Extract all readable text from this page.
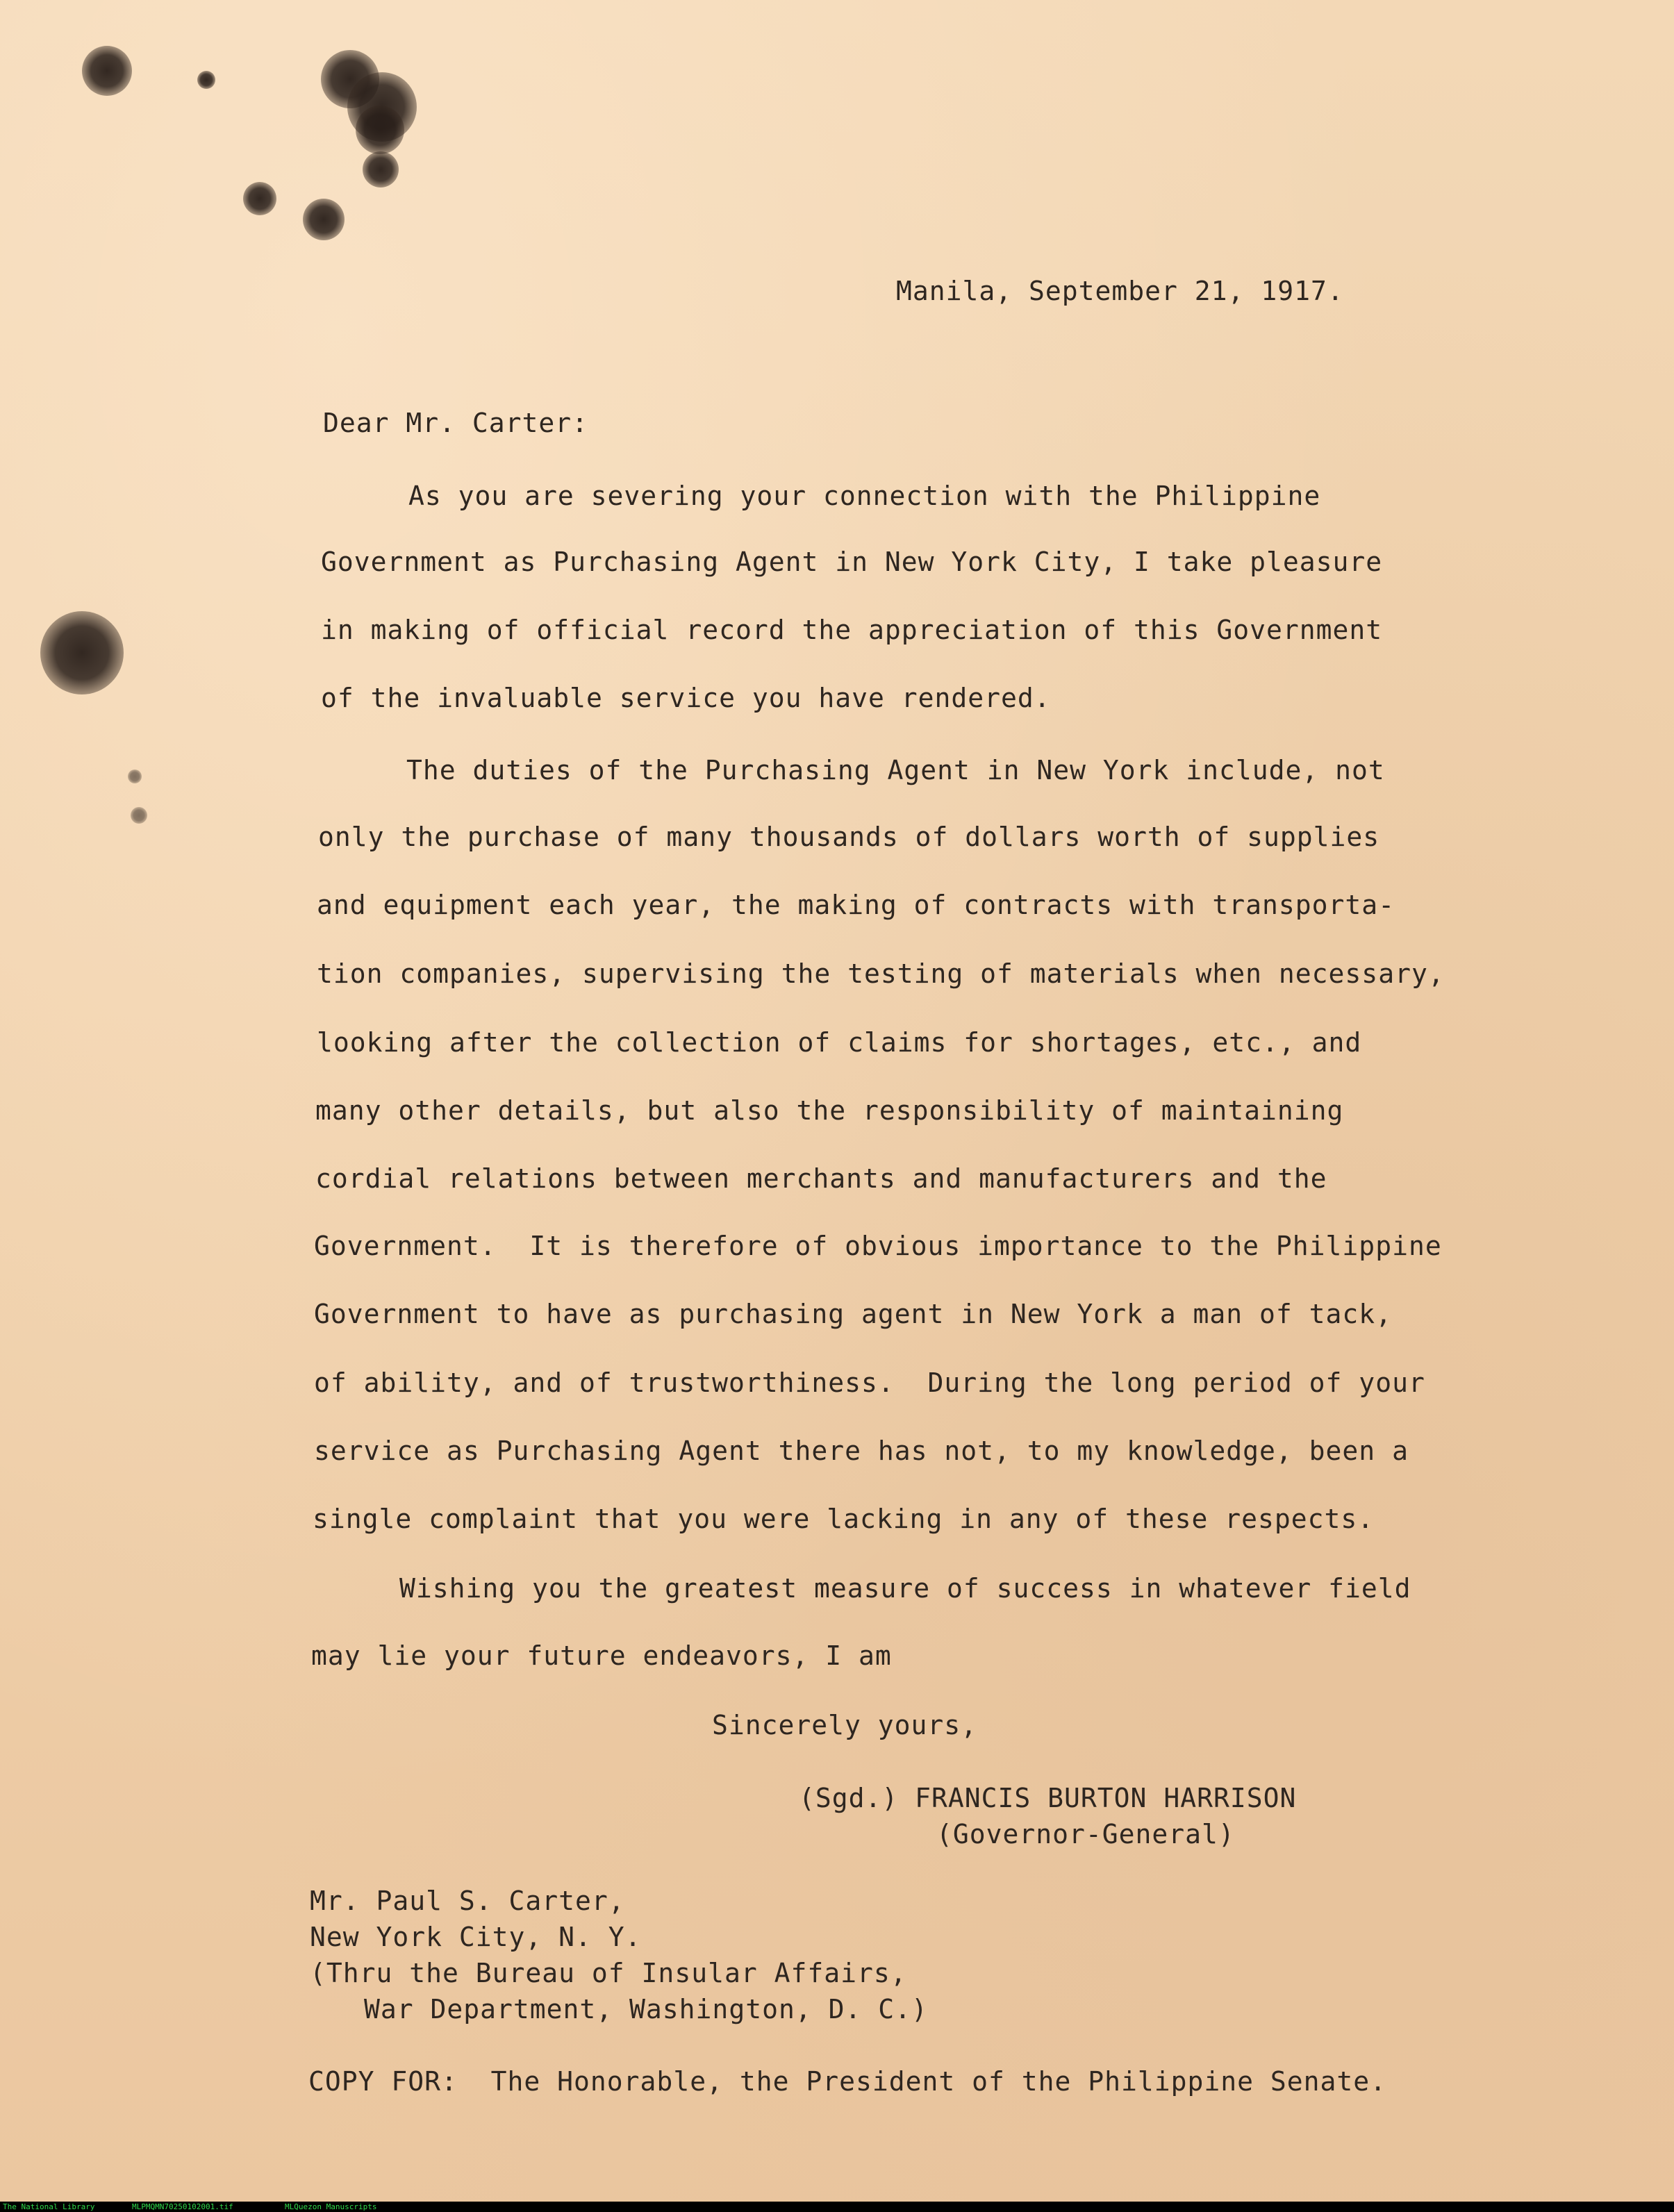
Manila, September 21, 1917.
Dear Mr. Carter:
As you are severing your connection with the Philippine
Government as Purchasing Agent in New York City, I take pleasure
in making of official record the appreciation of this Government
of the invaluable service you have rendered.
The duties of the Purchasing Agent in New York include, not
only the purchase of many thousands of dollars worth of supplies
and equipment each year, the making of contracts with transporta-
tion companies, supervising the testing of materials when necessary,
looking after the collection of claims for shortages, etc., and
many other details, but also the responsibility of maintaining
cordial relations between merchants and manufacturers and the
Government.  It is therefore of obvious importance to the Philippine
Government to have as purchasing agent in New York a man of tack,
of ability, and of trustworthiness.  During the long period of your
service as Purchasing Agent there has not, to my knowledge, been a
single complaint that you were lacking in any of these respects.
Wishing you the greatest measure of success in whatever field
may lie your future endeavors, I am
Sincerely yours,
(Sgd.) FRANCIS BURTON HARRISON
(Governor-General)
Mr. Paul S. Carter,
New York City, N. Y.
(Thru the Bureau of Insular Affairs,
War Department, Washington, D. C.)
COPY FOR:  The Honorable, the President of the Philippine Senate.
The National Library	MLPMQMN70250102001.tif	MLQuezon Manuscripts
